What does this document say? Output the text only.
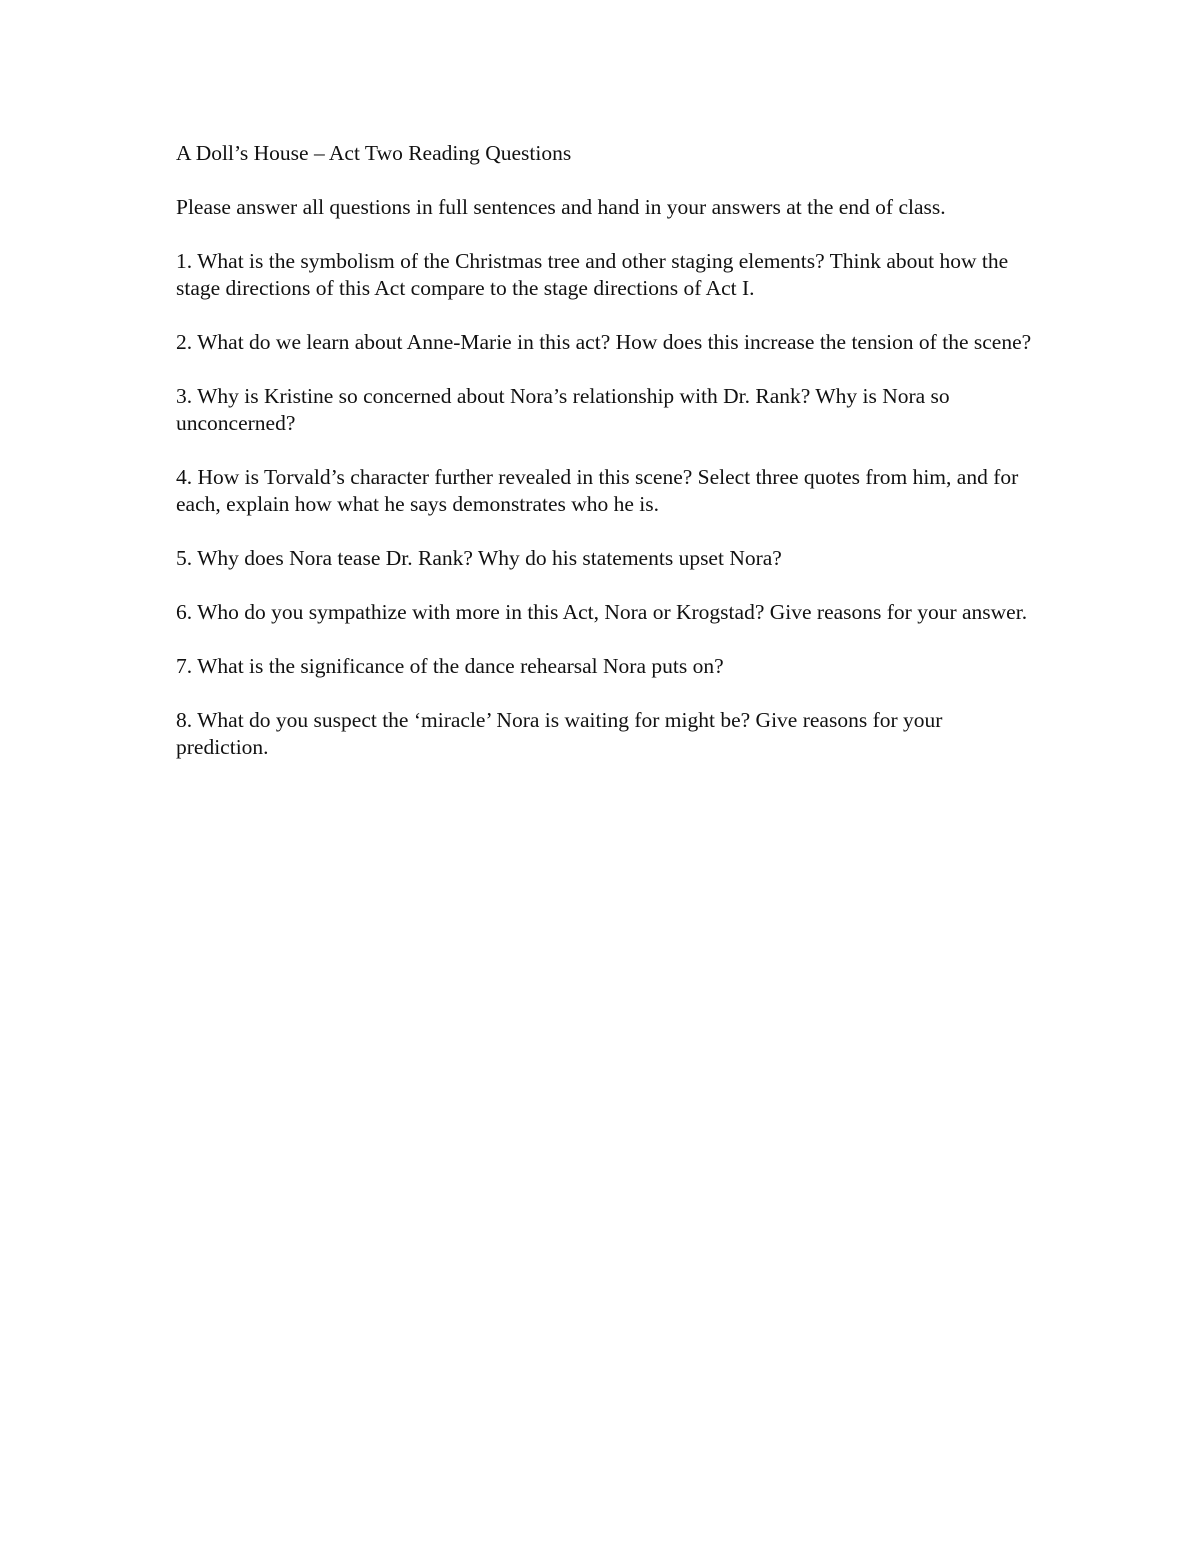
A Doll’s House – Act Two Reading Questions

Please answer all questions in full sentences and hand in your answers at the end of class.

1. What is the symbolism of the Christmas tree and other staging elements? Think about how the stage directions of this Act compare to the stage directions of Act I.

2. What do we learn about Anne-Marie in this act? How does this increase the tension of the scene?

3. Why is Kristine so concerned about Nora’s relationship with Dr. Rank? Why is Nora so unconcerned?

4. How is Torvald’s character further revealed in this scene? Select three quotes from him, and for each, explain how what he says demonstrates who he is.

5. Why does Nora tease Dr. Rank? Why do his statements upset Nora?

6. Who do you sympathize with more in this Act, Nora or Krogstad? Give reasons for your answer.

7. What is the significance of the dance rehearsal Nora puts on?

8. What do you suspect the ‘miracle’ Nora is waiting for might be? Give reasons for your prediction.
